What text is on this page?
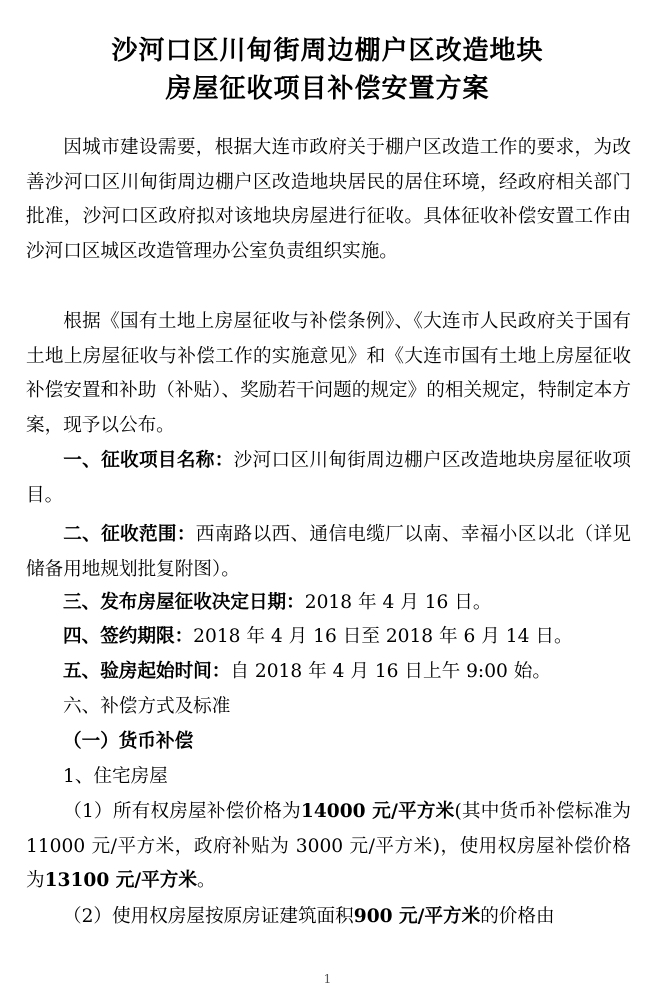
沙河口区川甸街周边棚户区改造地块
房屋征收项目补偿安置方案
因城市建设需要，根据大连市政府关于棚户区改造工作的要求，为改善沙河口区川甸街周边棚户区改造地块居民的居住环境，经政府相关部门批准，沙河口区政府拟对该地块房屋进行征收。具体征收补偿安置工作由沙河口区城区改造管理办公室负责组织实施。
根据《国有土地上房屋征收与补偿条例》、《大连市人民政府关于国有土地上房屋征收与补偿工作的实施意见》和《大连市国有土地上房屋征收补偿安置和补助（补贴）、奖励若干问题的规定》的相关规定，特制定本方案，现予以公布。
一、征收项目名称：沙河口区川甸街周边棚户区改造地块房屋征收项目。
二、征收范围：西南路以西、通信电缆厂以南、幸福小区以北（详见储备用地规划批复附图）。
三、发布房屋征收决定日期：2018 年 4 月 16 日。
四、签约期限：2018 年 4 月 16 日至 2018 年 6 月 14 日。
五、验房起始时间：自 2018 年 4 月 16 日上午 9:00 始。
六、补偿方式及标准
（一）货币补偿
1、住宅房屋
（1）所有权房屋补偿价格为14000 元/平方米(其中货币补偿标准为 11000 元/平方米，政府补贴为 3000 元/平方米)，使用权房屋补偿价格为13100 元/平方米。
（2）使用权房屋按原房证建筑面积900 元/平方米的价格由
1
